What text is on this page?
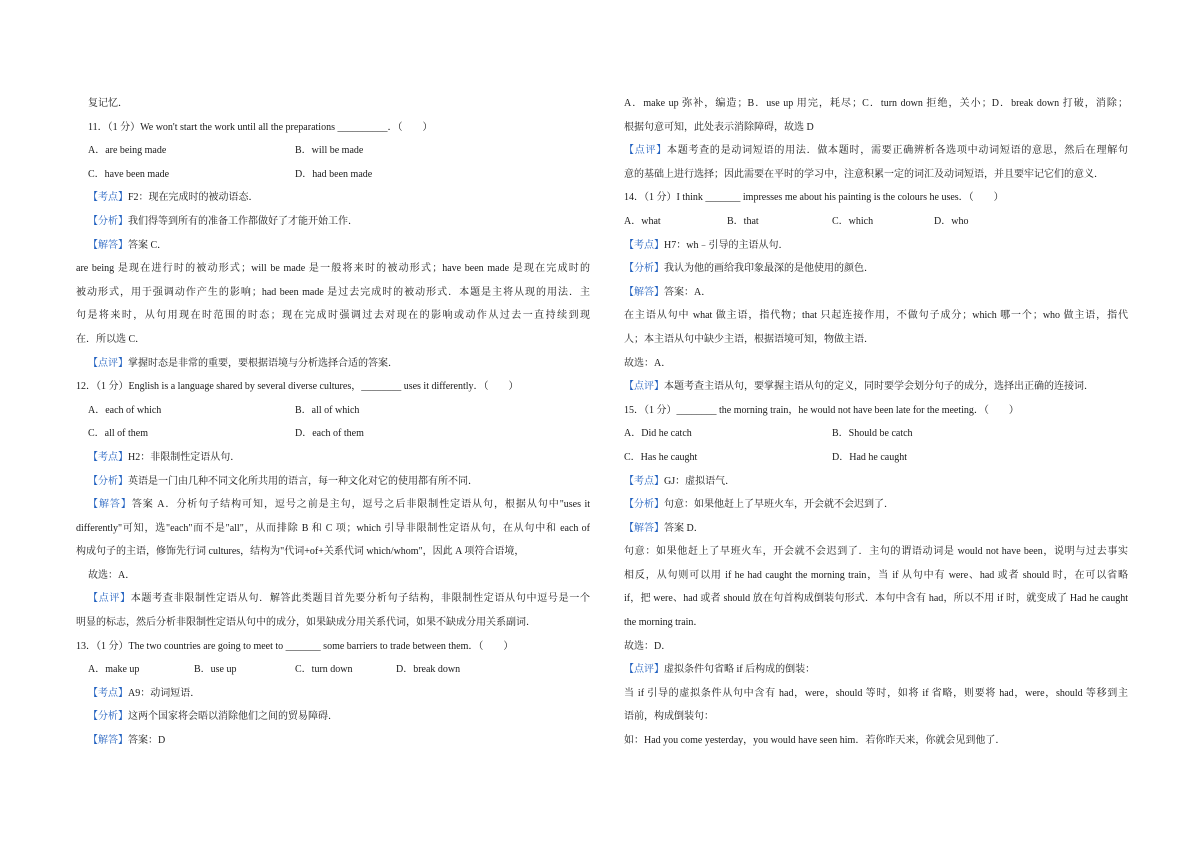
复记忆．
11．（1 分）We won't start the work until all the preparations __________．（　　）
A．are being made	B．will be made
C．have been made	D．had been made
【考点】F2：现在完成时的被动语态．
【分析】我们得等到所有的准备工作都做好了才能开始工作．
【解答】答案 C．
are being 是现在进行时的被动形式；will be made 是一般将来时的被动形式；have been made 是现在完成时的
被动形式，用于强调动作产生的影响；had been made 是过去完成时的被动形式．本题是主将从现的用法．主
句是将来时，从句用现在时范围的时态；现在完成时强调过去对现在的影响或动作从过去一直持续到现
在．所以选 C．
【点评】掌握时态是非常的重要，要根据语境与分析选择合适的答案．
12．（1 分）English is a language shared by several diverse cultures，________ uses it differently．（　　）
A．each of which	B．all of which
C．all of them	D．each of them
【考点】H2：非限制性定语从句．
【分析】英语是一门由几种不同文化所共用的语言，每一种文化对它的使用都有所不同．
【解答】答案 A．分析句子结构可知，逗号之前是主句，逗号之后非限制性定语从句，根据从句中"uses it
differently"可知，选"each"而不是"all"，从而排除 B 和 C 项；which 引导非限制性定语从句，在从句中和 each of
构成句子的主语，修饰先行词 cultures，结构为"代词+of+关系代词 which/whom"，因此 A 项符合语境，
故选：A．
【点评】本题考查非限制性定语从句．解答此类题目首先要分析句子结构，非限制性定语从句中逗号是一个
明显的标志，然后分析非限制性定语从句中的成分，如果缺成分用关系代词，如果不缺成分用关系副词．
13．（1 分）The two countries are going to meet to _______ some barriers to trade between them．（　　）
A．make up	B．use up	C．turn down	D．break down
【考点】A9：动词短语．
【分析】这两个国家将会晤以消除他们之间的贸易障碍．
【解答】答案：D
A．make up 弥补，编造；B．use up 用完，耗尽；C．turn down 拒绝，关小；D．break down 打破，消除；
根据句意可知，此处表示消除障碍，故选 D
【点评】本题考查的是动词短语的用法．做本题时，需要正确辨析各选项中动词短语的意思，然后在理解句
意的基础上进行选择；因此需要在平时的学习中，注意积累一定的词汇及动词短语，并且要牢记它们的意义．
14．（1 分）I think _______ impresses me about his painting is the colours he uses．（　　）
A．what	B．that	C．which	D．who
【考点】H7：wh﹣引导的主语从句．
【分析】我认为他的画给我印象最深的是他使用的颜色．
【解答】答案：A．
在主语从句中 what 做主语，指代物；that 只起连接作用，不做句子成分；which 哪一个；who 做主语，指代
人；本主语从句中缺少主语，根据语境可知，物做主语．
故选：A．
【点评】本题考查主语从句，要掌握主语从句的定义，同时要学会划分句子的成分，选择出正确的连接词．
15．（1 分）________ the morning train，he would not have been late for the meeting．（　　）
A．Did he catch	B．Should be catch
C．Has he caught	D．Had he caught
【考点】GJ：虚拟语气．
【分析】句意：如果他赶上了早班火车，开会就不会迟到了．
【解答】答案 D．
句意：如果他赶上了早班火车，开会就不会迟到了．主句的谓语动词是 would not have been，说明与过去事实
相反，从句则可以用 if he had caught the morning train，当 if 从句中有 were、had 或者 should 时，在可以省略
if，把 were、had 或者 should 放在句首构成倒装句形式．本句中含有 had，所以不用 if 时，就变成了 Had he caught
the morning train．
故选：D．
【点评】虚拟条件句省略 if 后构成的倒装：
当 if 引导的虚拟条件从句中含有 had，were，should 等时，如将 if 省略，则要将 had，were，should 等移到主
语前，构成倒装句：
如：Had you come yesterday，you would have seen him．若你昨天来，你就会见到他了．
